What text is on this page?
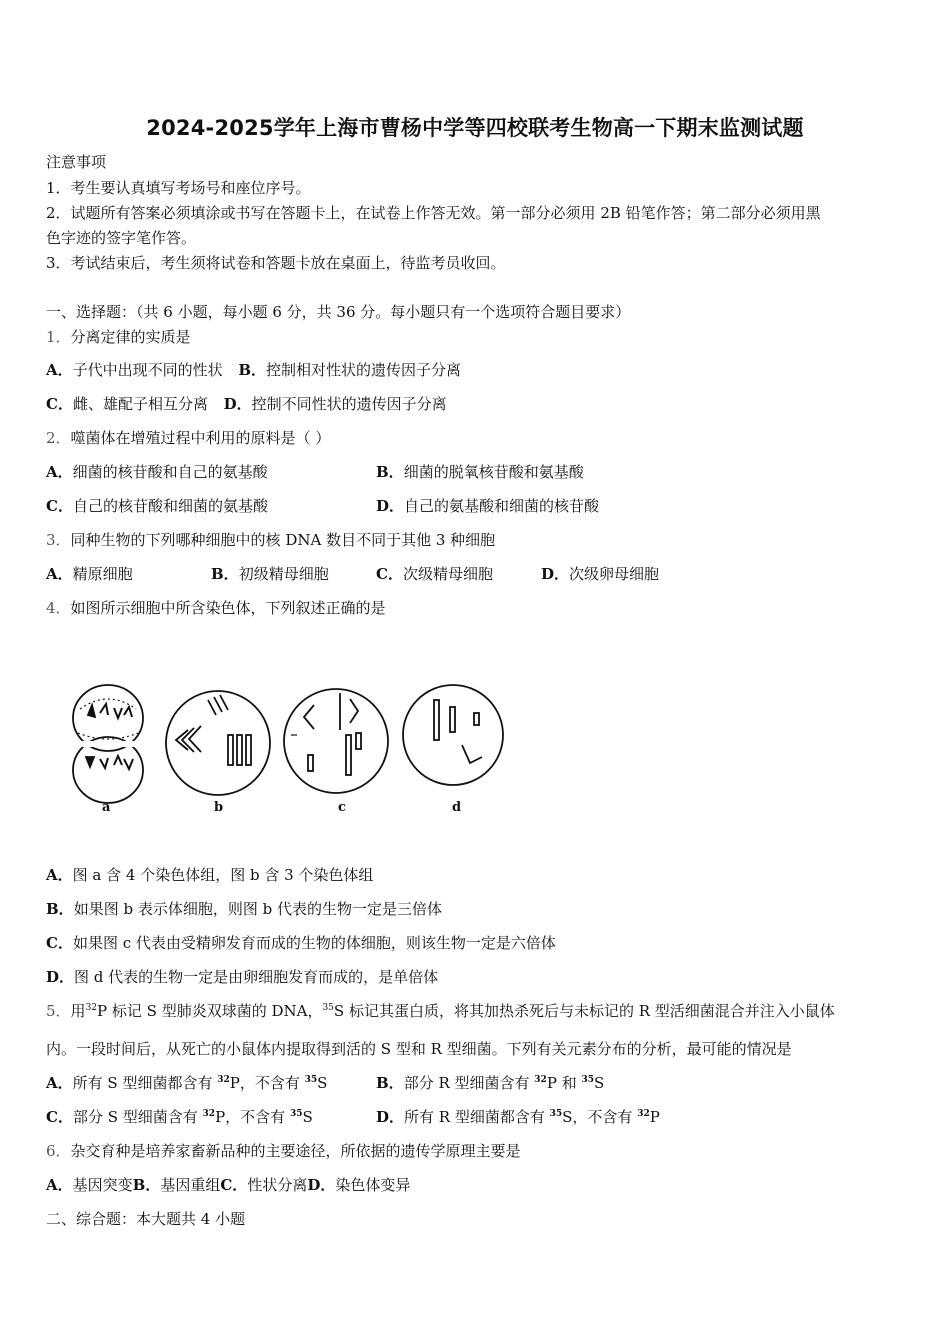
2024-2025学年上海市曹杨中学等四校联考生物高一下期末监测试题
注意事项
1．考生要认真填写考场号和座位序号。
2．试题所有答案必须填涂或书写在答题卡上，在试卷上作答无效。第一部分必须用 2B 铅笔作答；第二部分必须用黑
色字迹的签字笔作答。
3．考试结束后，考生须将试卷和答题卡放在桌面上，待监考员收回。
一、选择题：（共 6 小题，每小题 6 分，共 36 分。每小题只有一个选项符合题目要求）
1．分离定律的实质是
A．子代中出现不同的性状 B．控制相对性状的遗传因子分离
C．雌、雄配子相互分离 D．控制不同性状的遗传因子分离
2．噬菌体在增殖过程中利用的原料是（ ）
A．细菌的核苷酸和自己的氨基酸	B．细菌的脱氧核苷酸和氨基酸
C．自己的核苷酸和细菌的氨基酸	D．自己的氨基酸和细菌的核苷酸
3．同种生物的下列哪种细胞中的核 DNA 数目不同于其他 3 种细胞
A．精原细胞	B．初级精母细胞	C．次级精母细胞	D．次级卵母细胞
4．如图所示细胞中所含染色体，下列叙述正确的是
a	b	c	d
A．图 a 含 4 个染色体组，图 b 含 3 个染色体组
B．如果图 b 表示体细胞，则图 b 代表的生物一定是三倍体
C．如果图 c 代表由受精卵发育而成的生物的体细胞，则该生物一定是六倍体
D．图 d 代表的生物一定是由卵细胞发育而成的，是单倍体
5．用$^{32}$P 标记 S 型肺炎双球菌的 DNA，$^{35}$S 标记其蛋白质，将其加热杀死后与未标记的 R 型活细菌混合并注入小鼠体
内。一段时间后，从死亡的小鼠体内提取得到活的 S 型和 R 型细菌。下列有关元素分布的分析，最可能的情况是
A．所有 S 型细菌都含有 $^{32}$P，不含有 $^{35}$S	B．部分 R 型细菌含有 $^{32}$P 和 $^{35}$S
C．部分 S 型细菌含有 $^{32}$P，不含有 $^{35}$S	D．所有 R 型细菌都含有 $^{35}$S，不含有 $^{32}$P
6．杂交育种是培养家畜新品种的主要途径，所依据的遗传学原理主要是
A．基因突变B．基因重组C．性状分离D．染色体变异
二、综合题：本大题共 4 小题
